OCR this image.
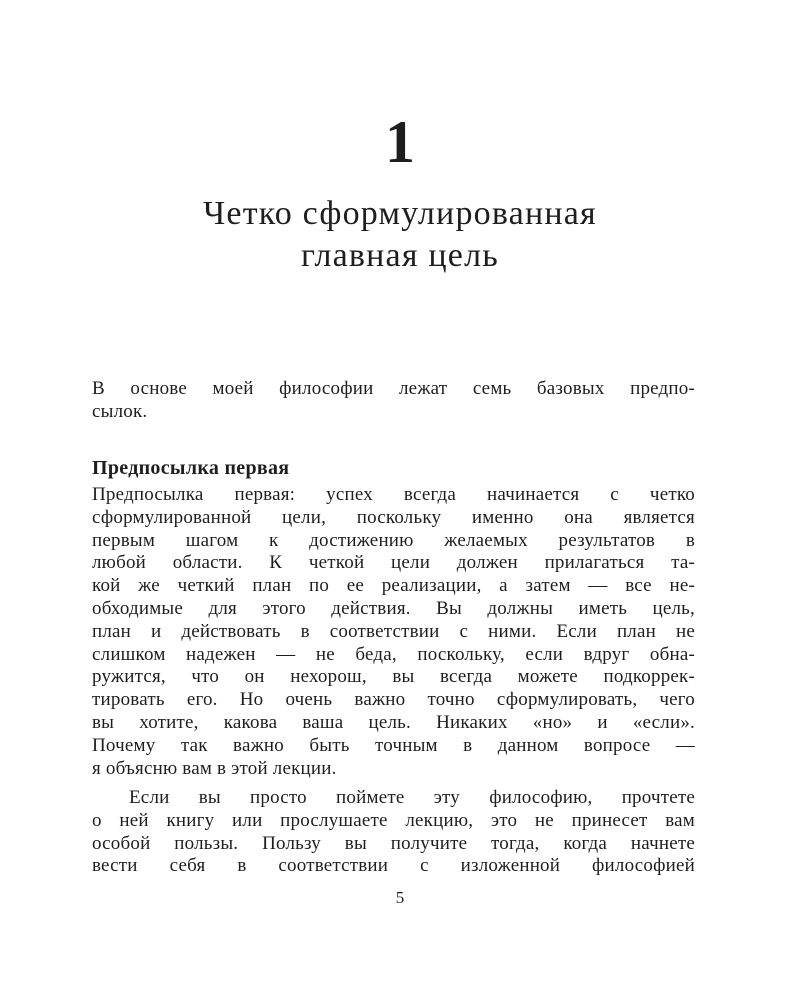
1
Четко сформулированная
главная цель

В основе моей философии лежат семь базовых предпо-
сылок.

Предпосылка первая

Предпосылка первая: успех всегда начинается с четко
сформулированной цели, поскольку именно она является
первым шагом к достижению желаемых результатов в
любой области. К четкой цели должен прилагаться та-
кой же четкий план по ее реализации, а затем — все не-
обходимые для этого действия. Вы должны иметь цель,
план и действовать в соответствии с ними. Если план не
слишком надежен — не беда, поскольку, если вдруг обна-
ружится, что он нехорош, вы всегда можете подкоррек-
тировать его. Но очень важно точно сформулировать, чего
вы хотите, какова ваша цель. Никаких «но» и «если».
Почему так важно быть точным в данном вопросе —
я объясню вам в этой лекции.

Если вы просто поймете эту философию, прочтете
о ней книгу или прослушаете лекцию, это не принесет вам
особой пользы. Пользу вы получите тогда, когда начнете
вести себя в соответствии с изложенной философией

5
